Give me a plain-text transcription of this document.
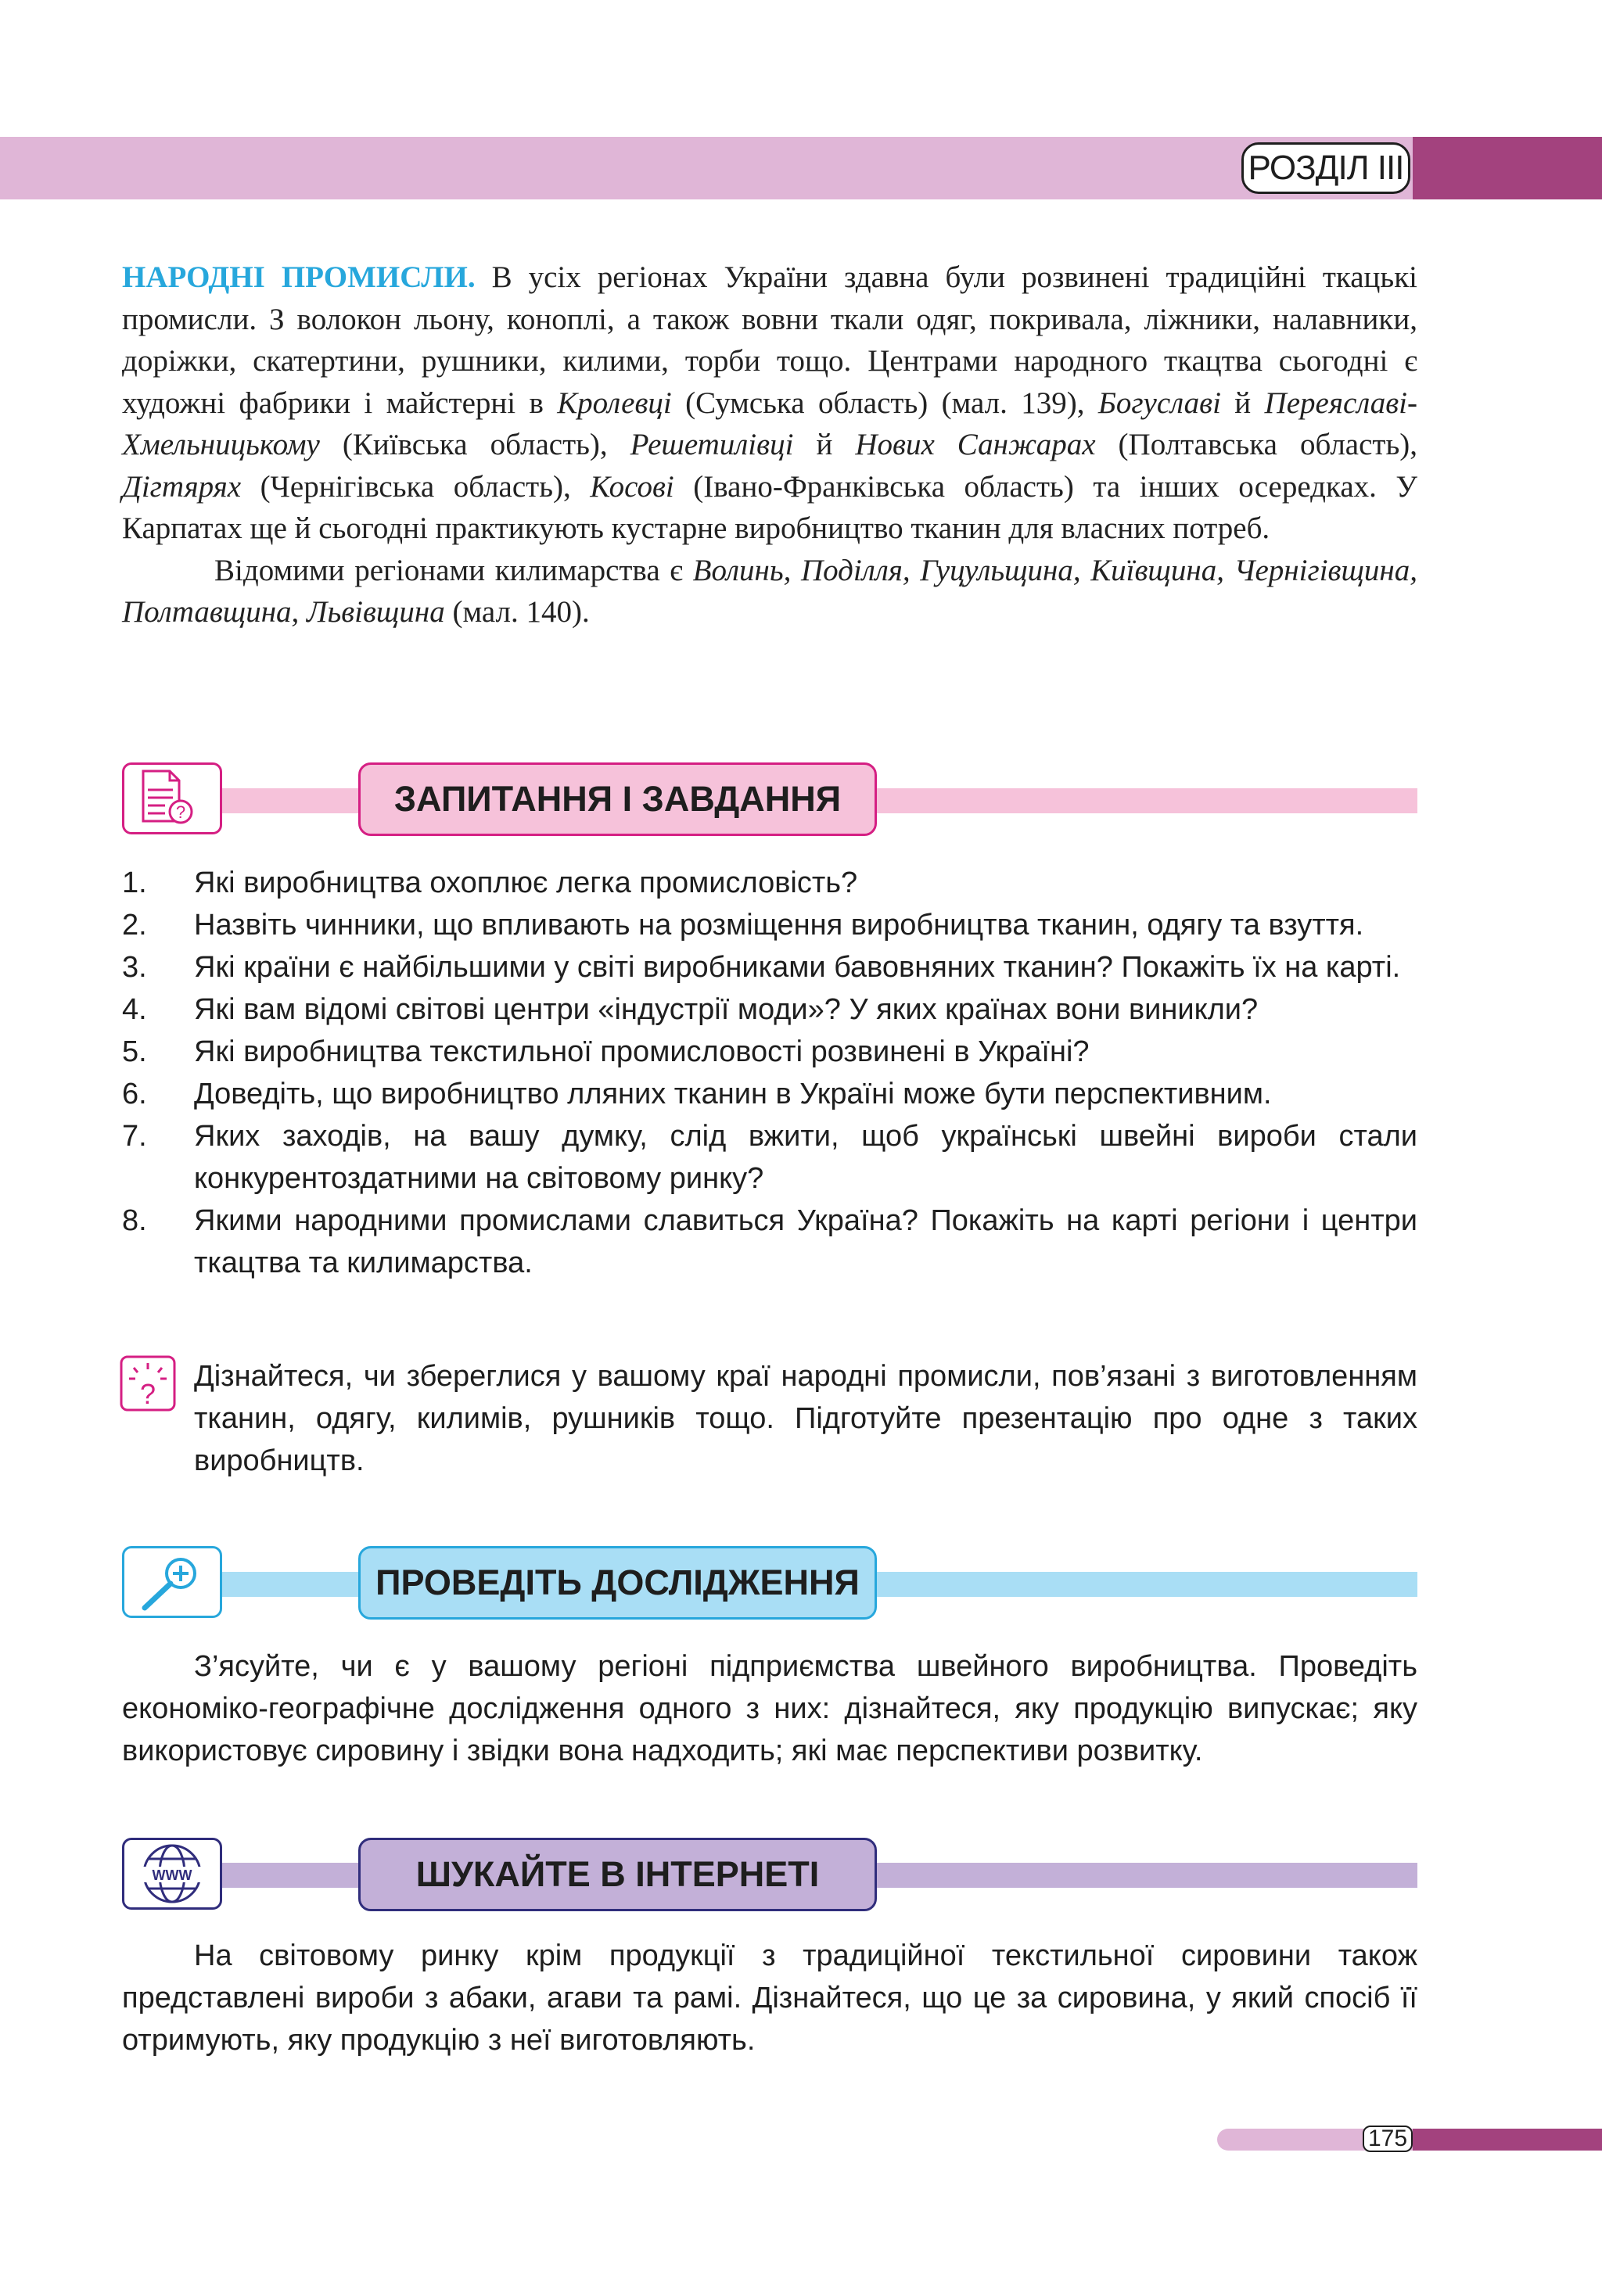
РОЗДІЛ ІІІ

НАРОДНІ ПРОМИСЛИ. В усіх регіонах України здавна були розвинені традиційні ткацькі промисли. З волокон льону, коноплі, а також вовни ткали одяг, покривала, ліжники, налавники, доріжки, скатертини, рушники, килими, торби тощо. Центрами народного ткацтва сьогодні є художні фабрики і майстерні в Кролевці (Сумська область) (мал. 139), Богуславі й Переяславі-Хмельницькому (Київська область), Решетилівці й Нових Санжарах (Полтавська область), Дігтярях (Чернігівська область), Косові (Івано-Франківська область) та інших осередках. У Карпатах ще й сьогодні практикують кустарне виробництво тканин для власних потреб.

Відомими регіонами килимарства є Волинь, Поділля, Гуцульщина, Київщина, Чернігівщина, Полтавщина, Львівщина (мал. 140).

?	ЗАПИТАННЯ І ЗАВДАННЯ
1. Які виробництва охоплює легка промисловість?
2. Назвіть чинники, що впливають на розміщення виробництва тканин, одягу та взуття.
3. Які країни є найбільшими у світі виробниками бавовняних тканин? Покажіть їх на карті.
4. Які вам відомі світові центри «індустрії моди»? У яких країнах вони виникли?
5. Які виробництва текстильної промисловості розвинені в Україні?
6. Доведіть, що виробництво лляних тканин в Україні може бути перспективним.
7. Яких заходів, на вашу думку, слід вжити, щоб українські швейні вироби стали конкурентоздатними на світовому ринку?
8. Якими народними промислами славиться Україна? Покажіть на карті регіони і центри ткацтва та килимарства.
?

Дізнайтеся, чи збереглися у вашому краї народні промисли, пов’язані з виготовленням тканин, одягу, килимів, рушників тощо. Підготуйте презентацію про одне з таких виробництв.

ПРОВЕДІТЬ ДОСЛІДЖЕННЯ

З’ясуйте, чи є у вашому регіоні підприємства швейного виробництва. Проведіть економіко-географічне дослідження одного з них: дізнайтеся, яку продукцію випускає; яку використовує сировину і звідки вона надходить; які має перспективи розвитку.

WWW	ШУКАЙТЕ В ІНТЕРНЕТІ

На світовому ринку крім продукції з традиційної текстильної сировини також представлені вироби з абаки, агави та рамі. Дізнайтеся, що це за сировина, у який спосіб її отримують, яку продукцію з неї виготовляють.

175
